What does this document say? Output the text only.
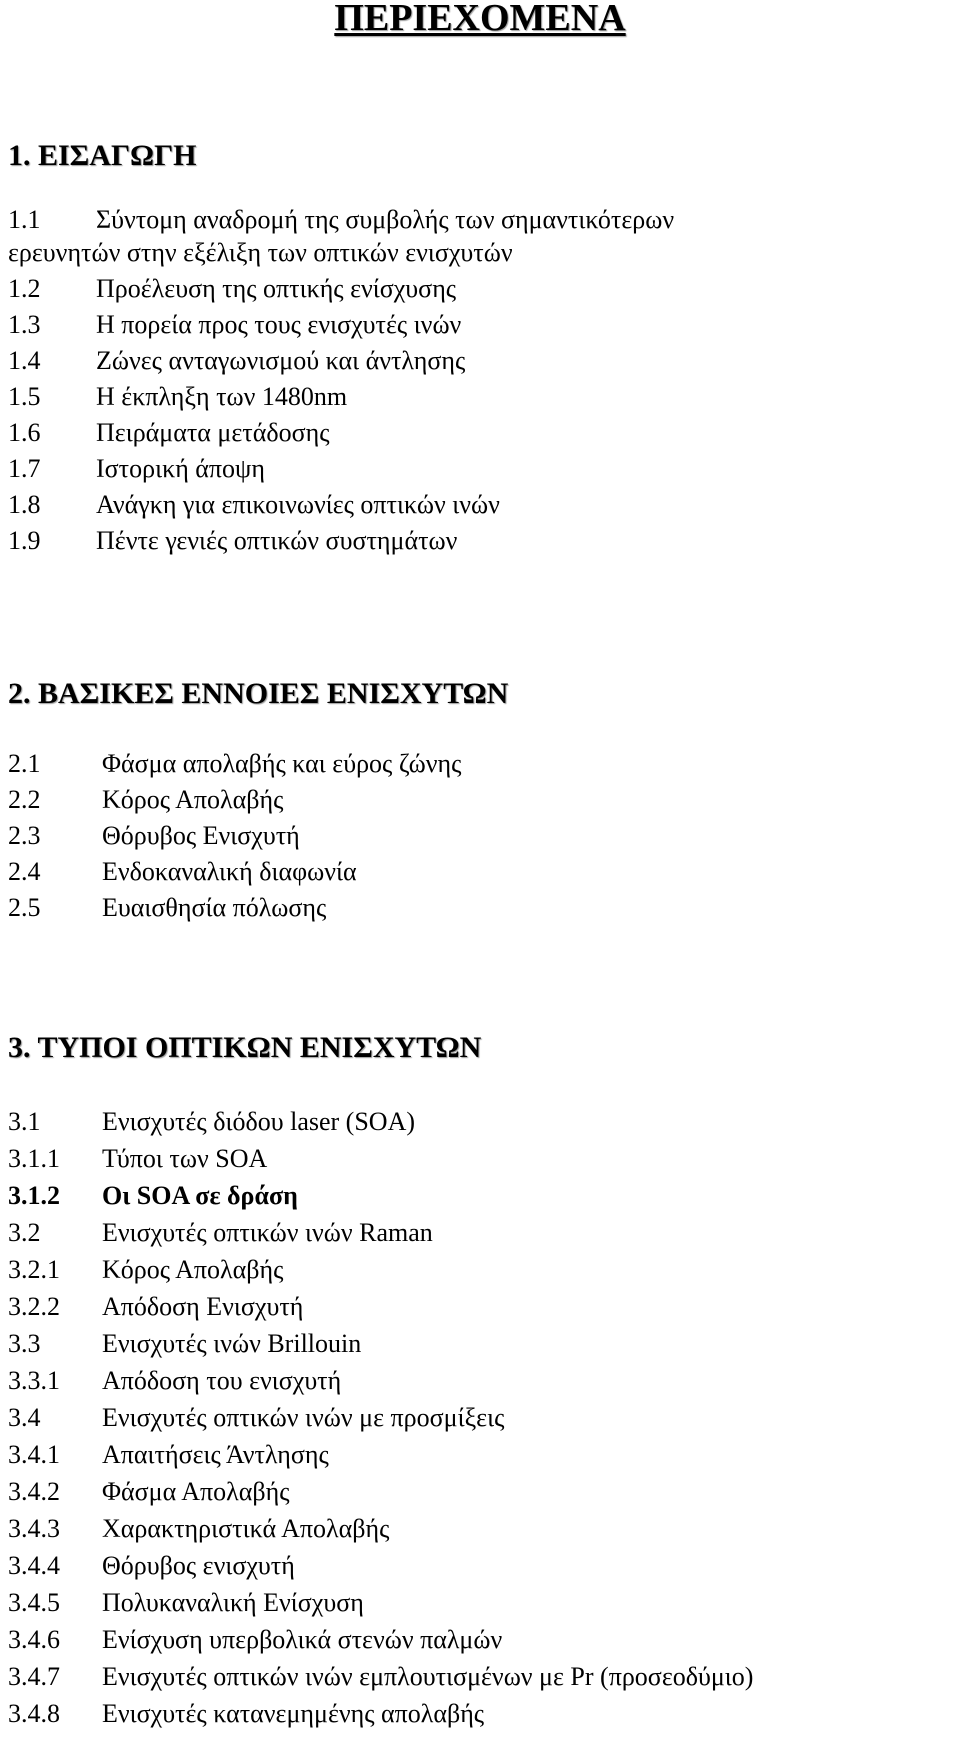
ΠΕΡΙΕΧΟΜΕΝΑ
1. ΕΙΣΑΓΩΓΗ
1.1 Σύντομη αναδρομή της συμβολής των σημαντικότερων
ερευνητών στην εξέλιξη των οπτικών ενισχυτών
1.2 Προέλευση της οπτικής ενίσχυσης
1.3 Η πορεία προς τους ενισχυτές ινών
1.4 Ζώνες ανταγωνισμού και άντλησης
1.5 Η έκπληξη των 1480nm
1.6 Πειράματα μετάδοσης
1.7 Ιστορική άποψη
1.8 Ανάγκη για επικοινωνίες οπτικών ινών
1.9 Πέντε γενιές οπτικών συστημάτων
2. ΒΑΣΙΚΕΣ ΕΝΝΟΙΕΣ ΕΝΙΣΧΥΤΩΝ
2.1 Φάσμα απολαβής και εύρος ζώνης
2.2 Κόρος Απολαβής
2.3 Θόρυβος Ενισχυτή
2.4 Ενδοκαναλική διαφωνία
2.5 Ευαισθησία πόλωσης
3. ΤΥΠΟΙ ΟΠΤΙΚΩΝ ΕΝΙΣΧΥΤΩΝ
3.1 Ενισχυτές διόδου laser (SOA)
3.1.1 Τύποι των SOA
3.1.2 Οι SOA σε δράση
3.2 Ενισχυτές οπτικών ινών Raman
3.2.1 Κόρος Απολαβής
3.2.2 Απόδοση Ενισχυτή
3.3 Ενισχυτές ινών Brillouin
3.3.1 Απόδοση του ενισχυτή
3.4 Ενισχυτές οπτικών ινών με προσμίξεις
3.4.1 Απαιτήσεις Άντλησης
3.4.2 Φάσμα Απολαβής
3.4.3 Χαρακτηριστικά Απολαβής
3.4.4 Θόρυβος ενισχυτή
3.4.5 Πολυκαναλική Ενίσχυση
3.4.6 Ενίσχυση υπερβολικά στενών παλμών
3.4.7 Ενισχυτές οπτικών ινών εμπλουτισμένων με Pr (προσεοδύμιο)
3.4.8 Ενισχυτές κατανεμημένης απολαβής
